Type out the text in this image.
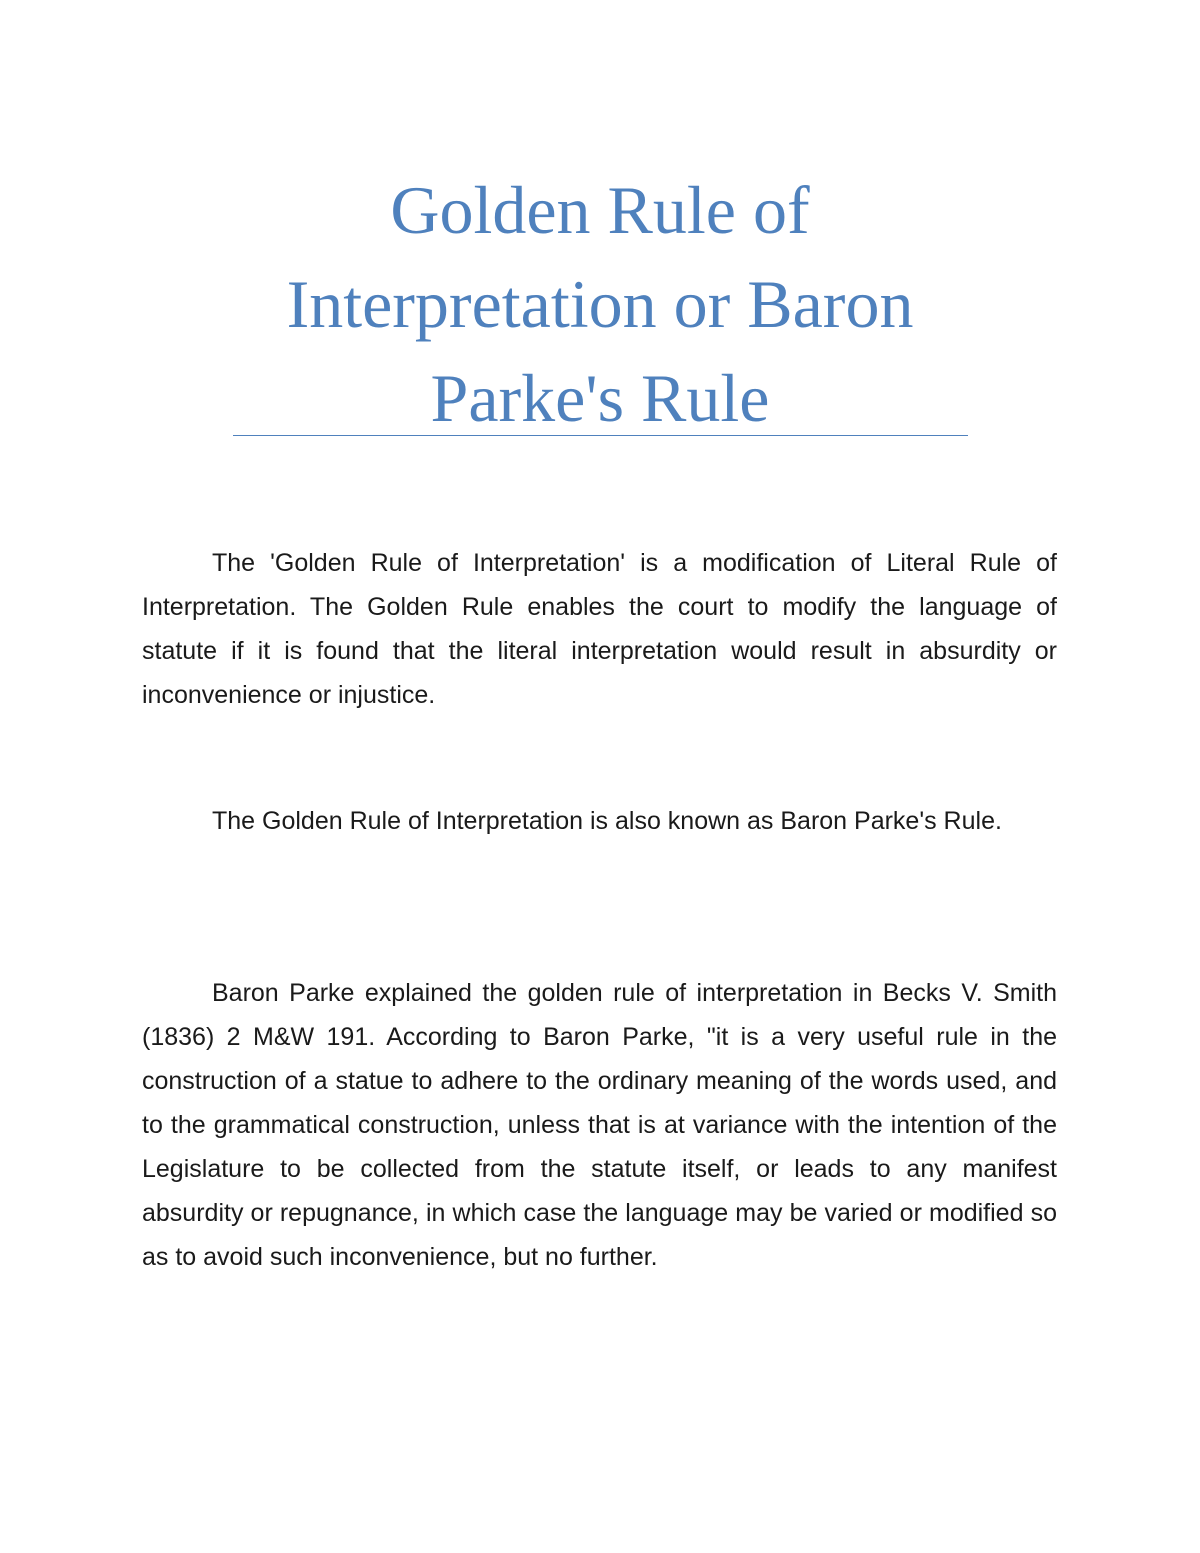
Golden Rule of
Interpretation or Baron
Parke's Rule

The 'Golden Rule of Interpretation' is a modification of Literal Rule of Interpretation. The Golden Rule enables the court to modify the language of statute if it is found that the literal interpretation would result in absurdity or inconvenience or injustice.

The Golden Rule of Interpretation is also known as Baron Parke's Rule.

Baron Parke explained the golden rule of interpretation in Becks V. Smith (1836) 2 M&W 191. According to Baron Parke, "it is a very useful rule in the construction of a statue to adhere to the ordinary meaning of the words used, and to the grammatical construction, unless that is at variance with the intention of the Legislature to be collected from the statute itself, or leads to any manifest absurdity or repugnance, in which case the language may be varied or modified so as to avoid such inconvenience, but no further.
